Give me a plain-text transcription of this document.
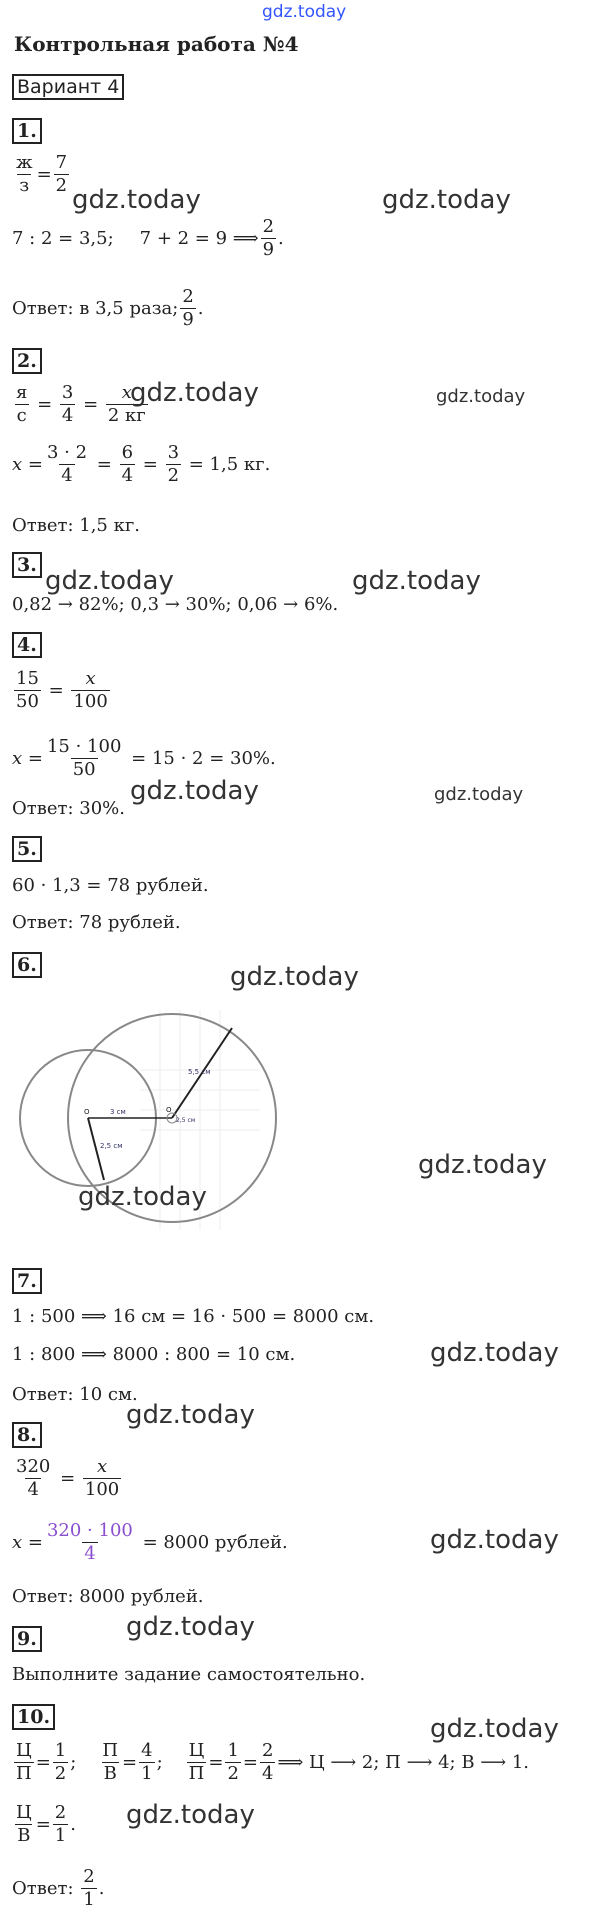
gdz.today
Контрольная работа №4
Вариант 4
1.
$\frac{ж}{з} = \frac{7}{2}$
7 : 2 = 3,5; 7 + 2 = 9 ⟹ $\frac{2}{9}$ .
Ответ: в 3,5 раза; $\frac{2}{9}$ .
2.
$\frac{я}{с} = \frac{3}{4} = \frac{x}{2 кг}$
$x = \frac{3 \cdot 2}{4} = \frac{6}{4} = \frac{3}{2}$
= 1,5 кг.
Ответ: 1,5 кг.
3.
0,82 → 82%; 0,3 → 30%; 0,06 → 6%.
4.
$\frac{15}{50} = \frac{x}{100}$
$x = \frac{15 \cdot 100}{50}$
= 15 · 2 = 30%.
Ответ: 30%.
5.
60 · 1,3 = 78 рублей.
Ответ: 78 рублей.
6.
5,5 см
3 см
2,5 см
O	O
2,5 см
7.
1 : 500 ⟹ 16 см = 16 · 500 = 8000 см.
1 : 800 ⟹ 8000 : 800 = 10 см.
Ответ: 10 см.
8.
$\frac{320}{4} = \frac{x}{100}$
$x = \frac{320 \cdot 100}{4}$
= 8000 рублей.
Ответ: 8000 рублей.
9.
Выполните задание самостоятельно.
10.
$\frac{Ц}{П} = \frac{1}{2}$ ; $\frac{П}{В} = \frac{4}{1}$ ; $\frac{Ц}{П} = \frac{1}{2} = \frac{2}{4}$ ⟹ Ц ⟶ 2; П ⟶ 4; В ⟶ 1.
$\frac{Ц}{В} = \frac{2}{1}$ .
Ответ:
$\frac{2}{1}$ .
gdz.today	gdz.today
gdz.today	gdz.today
gdz.today	gdz.today
gdz.today	gdz.today
gdz.today
gdz.today
gdz.today
gdz.today
gdz.today
gdz.today
gdz.today
gdz.today
gdz.today
